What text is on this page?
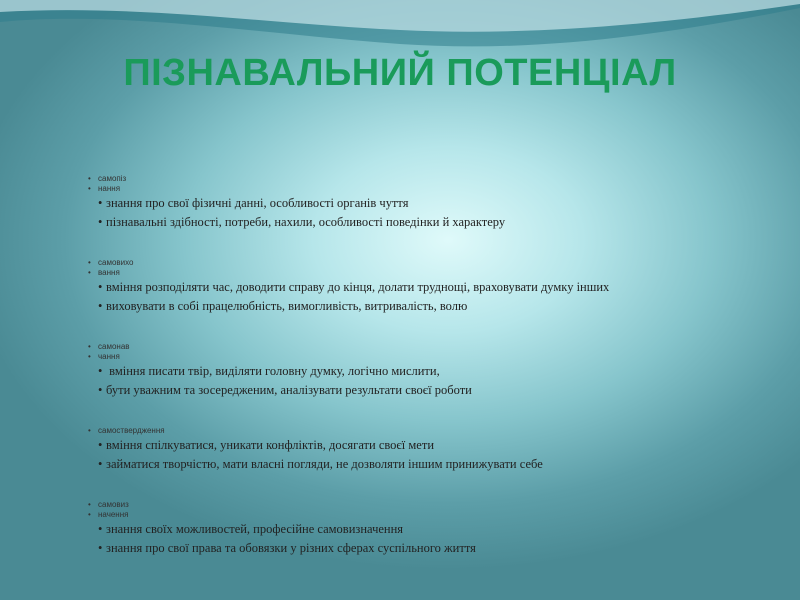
ПІЗНАВАЛЬНИЙ ПОТЕНЦІАЛ
• самопіз
• нання
• знання про свої фізичні данні, особливості органів чуття
• пізнавальні здібності, потреби, нахили, особливості поведінки й характеру
• самовихо
• вання
• вміння розподіляти час, доводити справу до кінця, долати труднощі, враховувати думку інших
• виховувати в собі працелюбність, вимогливість, витривалість, волю
• самонав
• чання
• вміння писати твір, виділяти головну думку, логічно мислити,
• бути уважним та зосередженим, аналізувати результати своєї роботи
• самоствердження
• вміння спілкуватися, уникати конфліктів, досягати своєї мети
• займатися творчістю, мати власні погляди, не дозволяти іншим принижувати себе
• самовиз
• начення
• знання своїх можливостей, професійне самовизначення
• знання про свої права та обовязки у різних сферах суспільного життя
